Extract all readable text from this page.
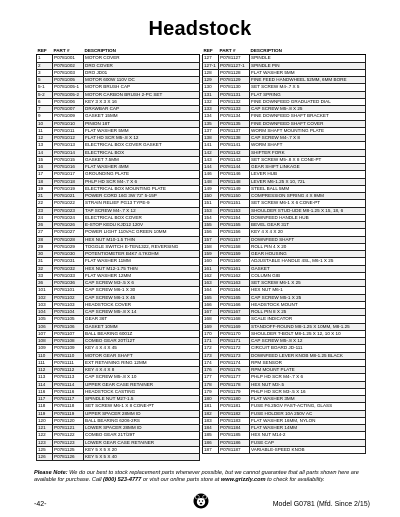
Headstock
REF	PART #	DESCRIPTION
1	P0781001	MOTOR COVER
2	P0781002	DRO COVER
3	P0781003	DRO JD01
5	P0781005	MOTOR 600W 110V DC
5-1	P0781005-1	MOTOR BRUSH CAP
5-2	P0781005-2	MOTOR CARBON BRUSH 2-PC SET
6	P0781006	KEY 3 X 3 X 16
7	P0781007	DRAWBAR CAP
9	P0781009	GASKET 15MM
10	P0781010	PINION 18T
11	P0781011	FLAT WASHER 5MM
12	P0781012	FLAT HD SCR M5-.8 X 12
13	P0781013	ELECTRICAL BOX COVER GASKET
14	P0781014	ELECTRICAL BOX
15	P0781015	GASKET 7.5MM
16	P0781016	FLAT WASHER 4MM
17	P0781017	GROUNDING PLATE
18	P0781018	PHLP HD SCR M4-.7 X 6
19	P0781019	ELECTRICAL BOX MOUNTING PLATE
21	P0781021	POWER CORD 16G 3W 72" 5-15P
22	P0781022	STRAIN RELIEF PG13 TYPE-9
23	P0781023	TAP SCREW M4-.7 X 12
24	P0781024	ELECTRICAL BOX COVER
26	P0781026	E-STOP KEDU KJD12 120V
27	P0781027	POWER LIGHT 110VAC GREEN 10MM
28	P0781028	HEX NUT M10-1.5 THIN
29	P0781029	TOGGLE SWITCH E-TEN1322, REVERSING
30	P0781030	POTENTIOMETER B4K7 4.7KOHM
31	P0781031	FLAT WASHER 11MM
32	P0781032	HEX NUT M12-1.75 THIN
33	P0781033	FLAT WASHER 12MM
36	P0781036	CAP SCREW M3-.5 X 6
101	P0781101	CAP SCREW M6-1 X 30
102	P0781102	CAP SCREW M6-1 X 45
103	P0781103	HEADSTOCK COVER
104	P0781104	CAP SCREW M5-.8 X 14
105	P0781105	GEAR 36T
106	P0781106	GASKET 10MM
107	P0781107	BALL BEARING 6001Z
108	P0781108	COMBO GEAR 20T/12T
109	P0781109	KEY 4 X 4 X 45
110	P0781110	MOTOR GEAR SHAFT
111	P0781111	EXT RETAINING RING 12MM
112	P0781112	KEY 4 X 4 X 8
113	P0781113	CAP SCREW M5-.8 X 10
114	P0781114	UPPER GEAR CASE RETAINER
116	P0781116	HEADSTOCK CASTING
117	P0781117	SPINDLE NUT M27-1.5
118	P0781118	SET SCREW M6-1 X 8 CONE-PT
119	P0781119	UPPER SPACER 28MM ID
120	P0781120	BALL BEARING 6206-2RS
121	P0781121	LOWER SPACER 28MM ID
122	P0781122	COMBO GEAR 21T/29T
123	P0781123	LOWER GEAR CASE RETAINER
125	P0781125	KEY 5 X 5 X 20
126	P0781126	KEY 5 X 5 X 40
REF	PART #	DESCRIPTION
127	P0781127	SPINDLE
127-1	P0781127-1	SPINDLE PIN
128	P0781128	FLAT WASHER 5MM
129	P0781129	FINE FEED HANDWHEEL 52MM, 6MM BORE
130	P0781130	SET SCREW M4-.7 X 5
131	P0781131	FLAT SPRING
132	P0781132	FINE DOWNFEED GRADUATED DIAL
133	P0781133	CAP SCREW M5-.8 X 25
134	P0781134	FINE DOWNFEED SHAFT BRACKET
135	P0781135	FINE DOWNFEED SHAFT COVER
137	P0781137	WORM SHAFT MOUNTING PLATE
138	P0781138	CAP SCREW M4-.7 X 8
141	P0781141	WORM SHAFT
142	P0781142	SHIFTER FORK
143	P0781143	SET SCREW M5-.8 X 8 CONE-PT
144	P0781144	GEAR SHIFT LINKAGE
146	P0781146	LEVER HUB
148	P0781148	LEVER M6-1.25 X 10, 72L
149	P0781149	STEEL BALL 5MM
150	P0781150	COMPRESSION SPRING 4 X 9MM
151	P0781151	SET SCREW M6-1 X 6 CONE-PT
153	P0781153	SHOULDER STUD-UDE M8-1.25 X 15, 18, 6
154	P0781154	DOWNFEED HANDLE HUB
155	P0781155	BEVEL GEAR 31T
156	P0781156	KEY 4 X 4 X 20
157	P0781157	DOWNFEED SHAFT
158	P0781158	ROLL PIN 4 X 20
159	P0781159	GEAR HOUSING
160	P0781160	ADJUSTABLE HANDLE 4SL, M6-1 X 25
161	P0781161	GASKET
162	P0781162	COLUMN GIB
163	P0781163	SET SCREW M6-1 X 25
164	P0781164	HEX NUT M6-1
165	P0781165	CAP SCREW M5-1 X 25
166	P0781166	HEADSTOCK MOUNT
167	P0781167	ROLL PIN 8 X 25
168	P0781168	SCALE INDICATOR
169	P0781169	STANDOFF-ROUND M8-1.25 X 10MM, M8-1.25
170	P0781170	SHOULDER T-BOLT M8-1.25 X 12, 10 X 10
171	P0781171	CAP SCREW M5-.8 X 12
172	P0781172	CIRCUIT BOARD JD-111
173	P0781173	DOWNFEED LEVER KNOB M8-1.25 BLACK
174	P0781174	RPM SENSOR
176	P0781176	RPM MOUNT PLATE
177	P0781177	PHLP HD SCR M4-.7 X 6
178	P0781178	HEX NUT M3-.5
179	P0781179	PHLP HD SCR M3-.5 X 16
180	P0781180	FLAT WASHER 3MM
181	P0781181	FUSE F6.25GV FAST-ACTING, GLASS
182	P0781182	FUSE HOLDER 10A 250V AC
183	P0781183	FLAT WASHER 16MM, NYLON
184	P0781184	FLAT WASHER 14MM
185	P0781185	HEX NUT M14-2
186	P0781186	FUSE CAP
187	P0781187	VARIABLE-SPEED KNOB
Please Note: We do our best to stock replacement parts whenever possible, but we cannot guarantee that all parts shown here are available for purchase. Call (800) 523-4777 or visit our online parts store at www.grizzly.com to check for availability.
-42-	Model G0781 (Mfd. Since 2/15)
